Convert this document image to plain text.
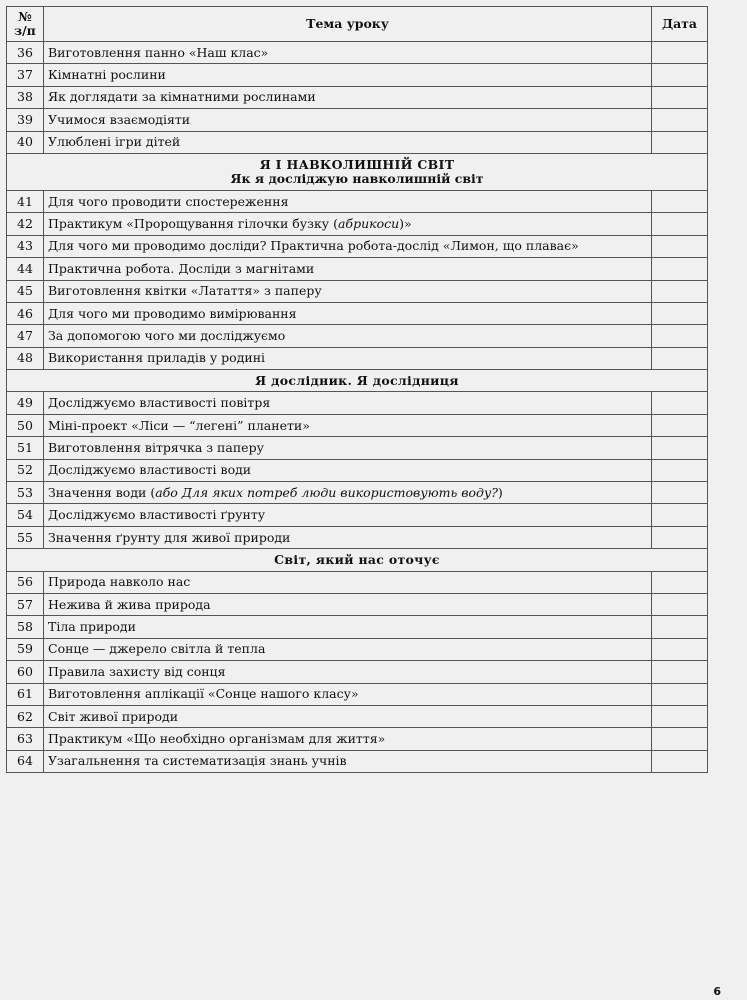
№
з/п	Тема уроку	Дата
36	Виготовлення панно «Наш клас»	
37	Кімнатні рослини	
38	Як доглядати за кімнатними рослинами	
39	Учимося взаємодіяти	
40	Улюблені ігри дітей	

Я І НАВКОЛИШНІЙ СВІТ
Як я досліджую навколишній світ		

41	Для чого проводити спостереження	
42	Практикум «Пророщування гілочки бузку (абрикоси)»	
43	Для чого ми проводимо досліди? Практична робота-дослід «Лимон, що плаває»	
44	Практична робота. Досліди з магнітами	
45	Виготовлення квітки «Латаття» з паперу	
46	Для чого ми проводимо вимірювання	
47	За допомогою чого ми досліджуємо	
48	Використання приладів у родині	

Я дослідник. Я дослідниця		

49	Досліджуємо властивості повітря	
50	Міні-проект «Ліси — “легені” планети»	
51	Виготовлення вітрячка з паперу	
52	Досліджуємо властивості води	
53	Значення води (або Для яких потреб люди використовують воду?)	
54	Досліджуємо властивості ґрунту	
55	Значення ґрунту для живої природи	

Світ, який нас оточує		

56	Природа навколо нас	
57	Нежива й жива природа	
58	Тіла природи	
59	Сонце — джерело світла й тепла	
60	Правила захисту від сонця	
61	Виготовлення аплікації «Сонце нашого класу»	
62	Світ живої природи	
63	Практикум «Що необхідно організмам для життя»	
64	Узагальнення та систематизація знань учнів	
6
